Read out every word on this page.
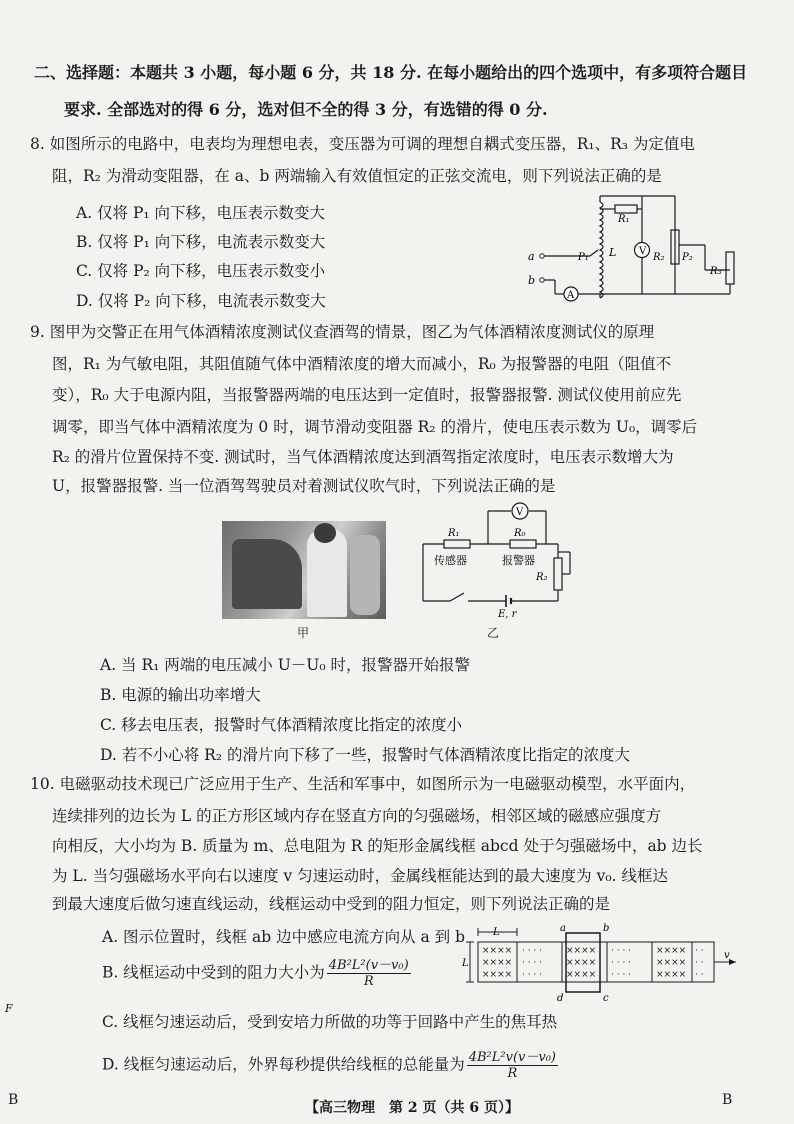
二、选择题：本题共 3 小题，每小题 6 分，共 18 分. 在每小题给出的四个选项中，有多项符合题目
要求. 全部选对的得 6 分，选对但不全的得 3 分，有选错的得 0 分.
8. 如图所示的电路中，电表均为理想电表，变压器为可调的理想自耦式变压器，R₁、R₃ 为定值电
阻，R₂ 为滑动变阻器，在 a、b 两端输入有效值恒定的正弦交流电，则下列说法正确的是
A. 仅将 P₁ 向下移，电压表示数变大
B. 仅将 P₁ 向下移，电流表示数变大
C. 仅将 P₂ 向下移，电压表示数变小
D. 仅将 P₂ 向下移，电流表示数变大
V
A
R₁
L	R₂ P₂
R₃
a
b
P₁
9. 图甲为交警正在用气体酒精浓度测试仪查酒驾的情景，图乙为气体酒精浓度测试仪的原理
图，R₁ 为气敏电阻，其阻值随气体中酒精浓度的增大而减小，R₀ 为报警器的电阻（阻值不
变），R₀ 大于电源内阻，当报警器两端的电压达到一定值时，报警器报警. 测试仪使用前应先
调零，即当气体中酒精浓度为 0 时，调节滑动变阻器 R₂ 的滑片，使电压表示数为 U₀，调零后
R₂ 的滑片位置保持不变. 测试时，当气体酒精浓度达到酒驾指定浓度时，电压表示数增大为
U，报警器报警. 当一位酒驾驾驶员对着测试仪吹气时，下列说法正确的是
甲
V
R₁	R₀
传感器	报警器
R₂
E, r
乙
A. 当 R₁ 两端的电压减小 U－U₀ 时，报警器开始报警
B. 电源的输出功率增大
C. 移去电压表，报警时气体酒精浓度比指定的浓度小
D. 若不小心将 R₂ 的滑片向下移了一些，报警时气体酒精浓度比指定的浓度大
10. 电磁驱动技术现已广泛应用于生产、生活和军事中，如图所示为一电磁驱动模型，水平面内，
连续排列的边长为 L 的正方形区域内存在竖直方向的匀强磁场，相邻区域的磁感应强度方
向相反，大小均为 B. 质量为 m、总电阻为 R 的矩形金属线框 abcd 处于匀强磁场中，ab 边长
为 L. 当匀强磁场水平向右以速度 v 匀速运动时，金属线框能达到的最大速度为 v₀. 线框达
到最大速度后做匀速直线运动，线框运动中受到的阻力恒定，则下列说法正确的是
A. 图示位置时，线框 ab 边中感应电流方向从 a 到 b
B. 线框运动中受到的阻力大小为 $\frac{\text{4B²L²(v－v₀)}}{R}$
C. 线框匀速运动后，受到安培力所做的功等于回路中产生的焦耳热
D. 线框匀速运动后，外界每秒提供给线框的总能量为 $\frac{\text{4B²L²v(v－v₀)}}{R}$
××××
××××
××××
· · · ·
· · · ·
· · · ·
××××
××××
××××
· · · ·
· · · ·
· · · ·
××××
××××
××××
· ·
· ·
· ·
L
L
a	b
c
d
v
F
B	【高三物理　第 2 页（共 6 页）】	B
